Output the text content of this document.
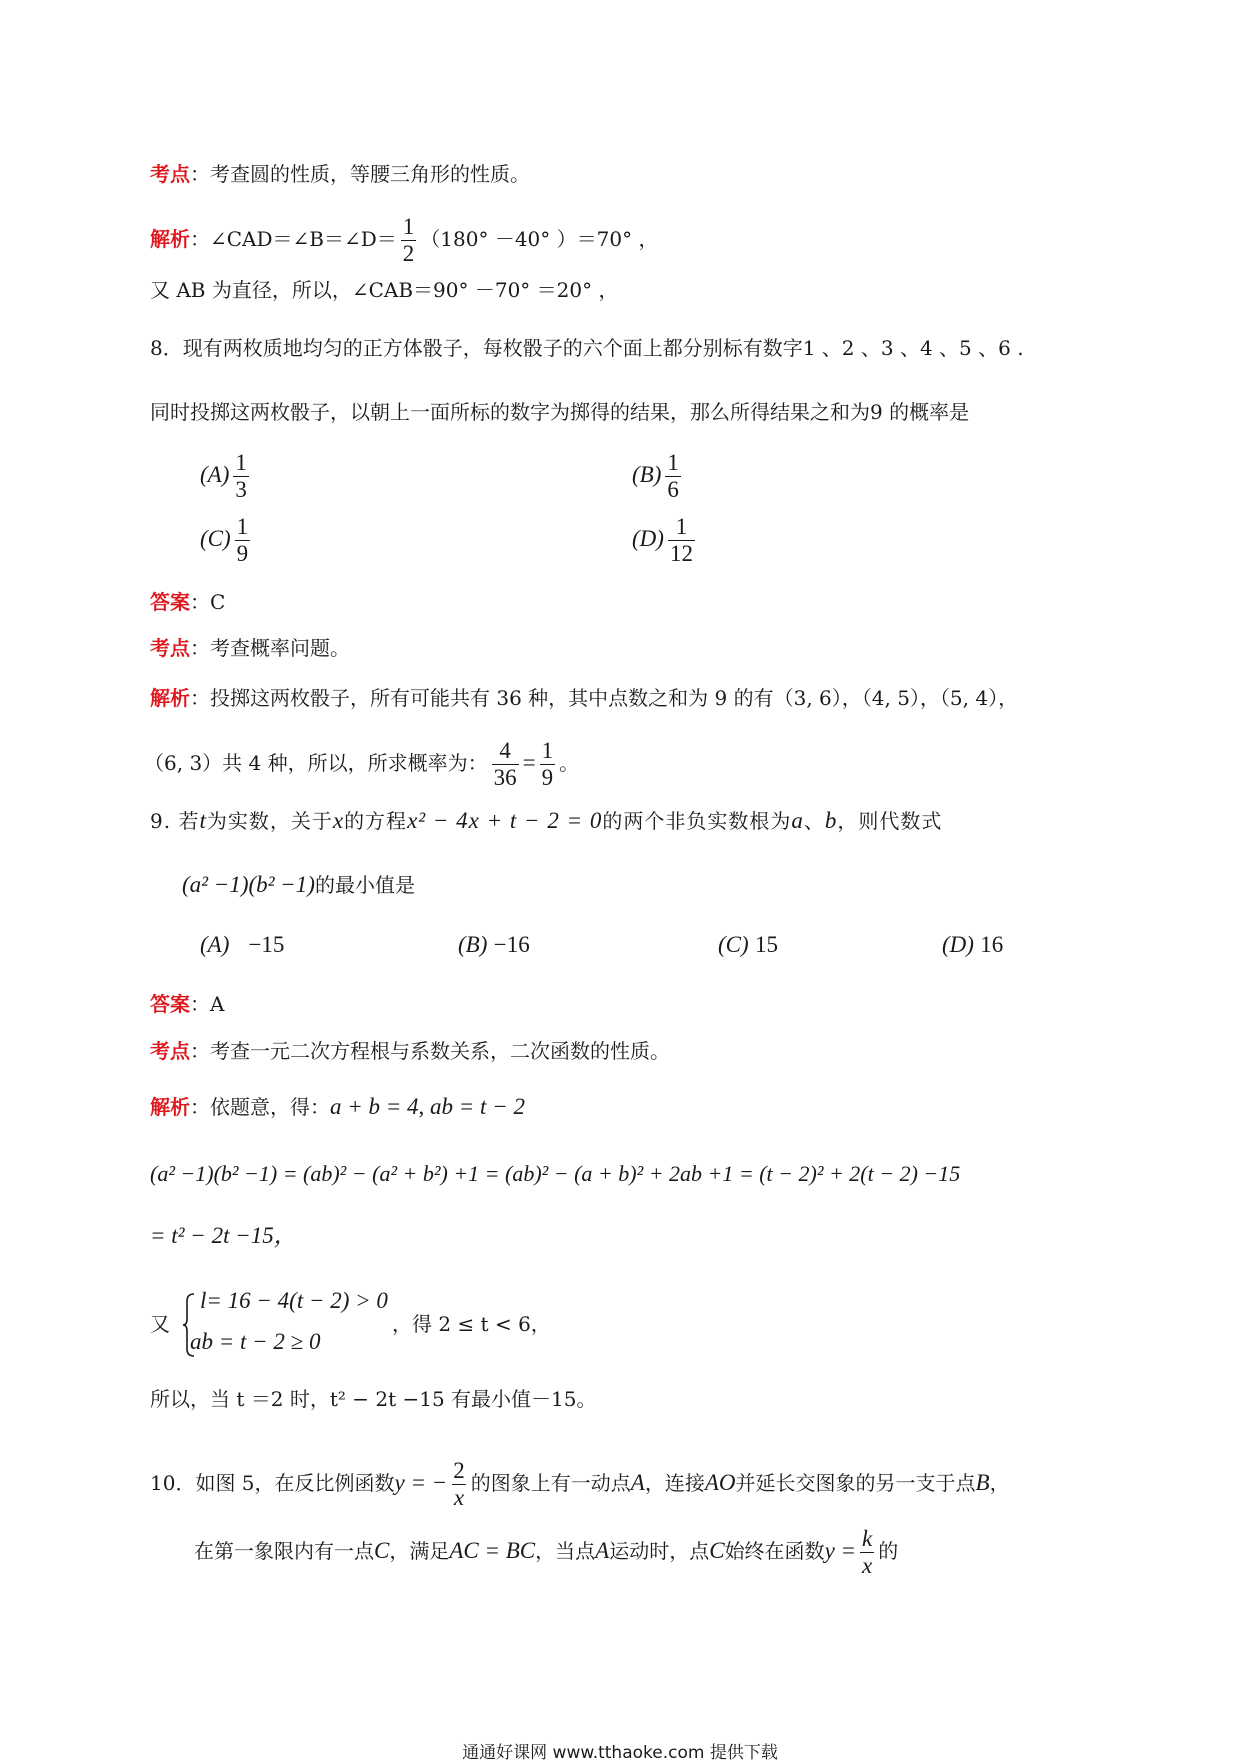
考点：考查圆的性质，等腰三角形的性质。
解析：∠CAD＝∠B＝∠D＝ $\frac{1}{2} (180^\circ -40^\circ$ ）＝70° ，
又 AB 为直径，所以，∠CAB＝90° －70° ＝20° ，
8．现有两枚质地均匀的正方体骰子，每枚骰子的六个面上都分别标有数字1 、2 、3 、4 、5 、6 .
同时投掷这两枚骰子，以朝上一面所标的数字为掷得的结果，那么所得结果之和为9 的概率是
$(A) \frac{1}{3}$	$(B) \frac{1}{6}$
$(C) \frac{1}{9}$	$(D) \frac{1}{12}$
答案：C
考点：考查概率问题。
解析：投掷这两枚骰子，所有可能共有 36 种，其中点数之和为 9 的有（3, 6），（4, 5），（5, 4），
（6, 3）共 4 种，所以，所求概率为： $\frac{4}{36} = \frac{1}{9}$ 。
9. 若t为实数，关于x的方程x² − 4x + t − 2 = 0的两个非负实数根为a、b，则代数式
(a² −1)(b² −1)的最小值是
(A) −15	(B) −16	(C) 15	(D) 16
答案：A
考点：考查一元二次方程根与系数关系，二次函数的性质。
解析：依题意，得：a + b = 4, ab = t − 2
(a² −1)(b² −1) = (ab)² − (a² + b²) +1 = (ab)² − (a + b)² + 2ab +1 = (t − 2)² + 2(t − 2) −15
= t² − 2t −15，
又
l= 16 − 4(t − 2) > 0
ab = t − 2 ≥ 0
，得 2 ≤ t < 6，
所以，当 t ＝2 时，t² − 2t −15 有最小值－15。
10．如图 5，在反比例函数y = − $\frac{2}{x}$ 的图象上有一动点A，连接AO并延长交图象的另一支于点B，
在第一象限内有一点C，满足AC = BC，当点A运动时，点C始终在函数$y = \frac{k}{x}$ 的
通通好课网 www.tthaoke.com 提供下载
